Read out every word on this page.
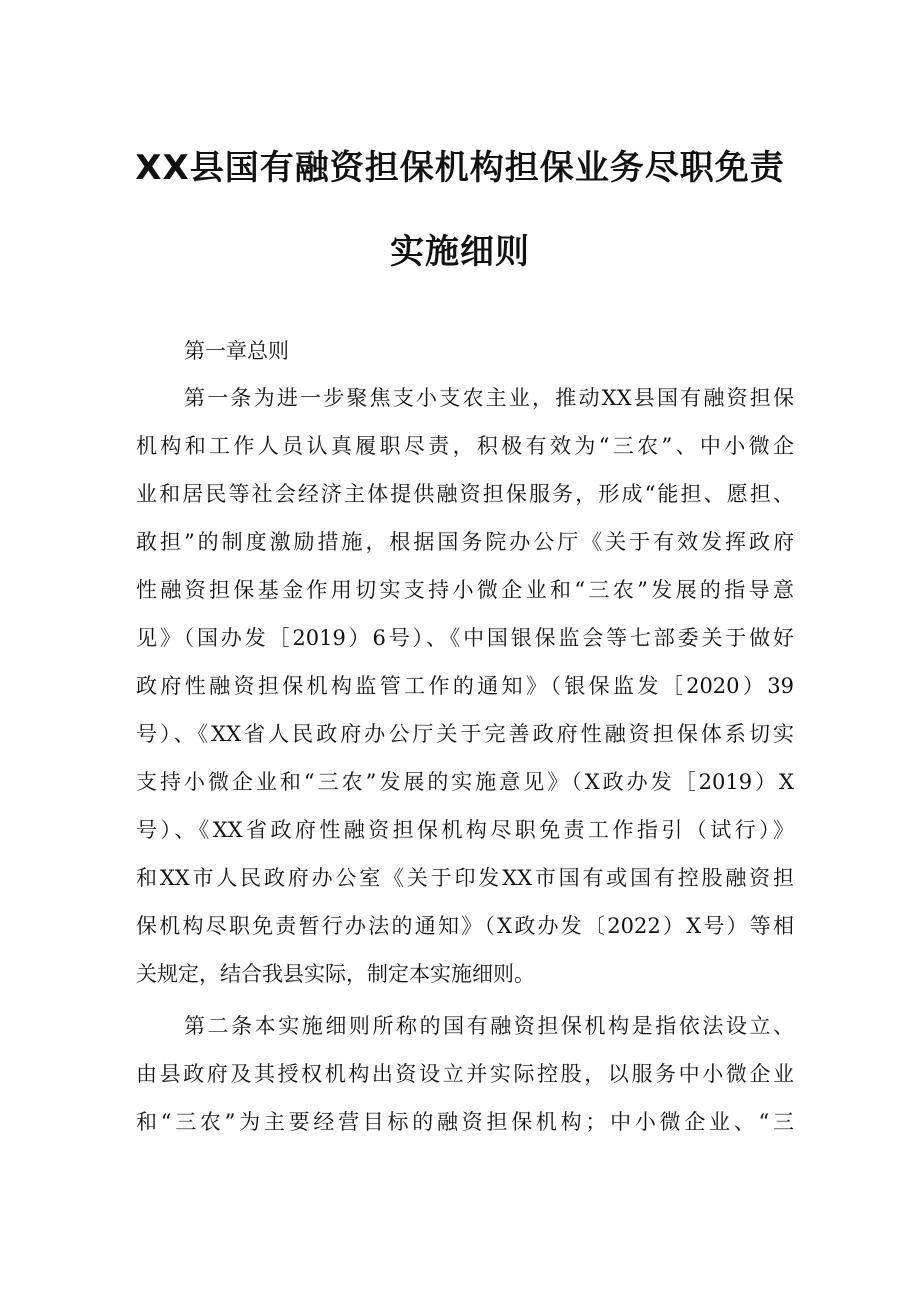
XX县国有融资担保机构担保业务尽职免责
实施细则
第一章总则
第一条为进一步聚焦支小支农主业，推动XX县国有融资担保
机构和工作人员认真履职尽责，积极有效为“三农”、中小微企
业和居民等社会经济主体提供融资担保服务，形成“能担、愿担、
敢担”的制度激励措施，根据国务院办公厅《关于有效发挥政府
性融资担保基金作用切实支持小微企业和“三农”发展的指导意
见》（国办发［2019）6号）、《中国银保监会等七部委关于做好
政府性融资担保机构监管工作的通知》（银保监发［2020）39
号）、《XX省人民政府办公厅关于完善政府性融资担保体系切实
支持小微企业和“三农”发展的实施意见》（X政办发［2019）X
号）、《XX省政府性融资担保机构尽职免责工作指引（试行）》
和XX市人民政府办公室《关于印发XX市国有或国有控股融资担
保机构尽职免责暂行办法的通知》（X政办发〔2022）X号）等相
关规定，结合我县实际，制定本实施细则。
第二条本实施细则所称的国有融资担保机构是指依法设立、
由县政府及其授权机构出资设立并实际控股，以服务中小微企业
和“三农”为主要经营目标的融资担保机构；中小微企业、“三
